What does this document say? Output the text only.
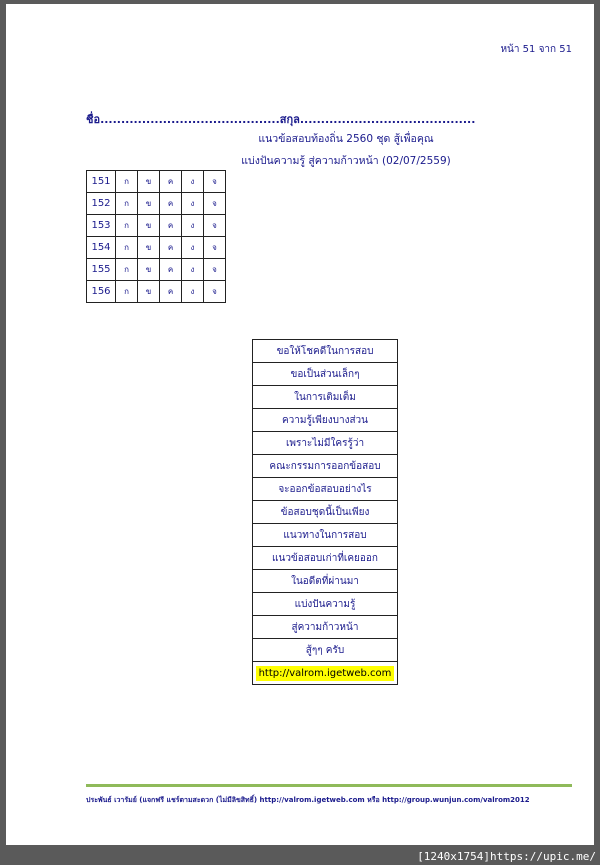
หน้า 51 จาก 51
ชื่อ...........................................สกุล..........................................
แนวข้อสอบท้องถิ่น 2560 ชุด สู้เพื่อคุณ
แบ่งปันความรู้ สู่ความก้าวหน้า (02/07/2559)
151	ก	ข	ค	ง	จ
152	ก	ข	ค	ง	จ
153	ก	ข	ค	ง	จ
154	ก	ข	ค	ง	จ
155	ก	ข	ค	ง	จ
156	ก	ข	ค	ง	จ
ขอให้โชคดีในการสอบ
ขอเป็นส่วนเล็กๆ
ในการเติมเต็ม
ความรู้เพียงบางส่วน
เพราะไม่มีใครรู้ว่า
คณะกรรมการออกข้อสอบ
จะออกข้อสอบอย่างไร
ข้อสอบชุดนี้เป็นเพียง
แนวทางในการสอบ
แนวข้อสอบเก่าที่เคยออก
ในอดีตที่ผ่านมา
แบ่งปันความรู้
สู่ความก้าวหน้า
สู้ๆๆ ครับ
http://valrom.igetweb.com
ประพันธ์ เวารัมย์ (แจกฟรี แชร์ตามสะดวก (ไม่มีลิขสิทธิ์) http://valrom.igetweb.com หรือ http://group.wunjun.com/valrom2012
[1240x1754]https://upic.me/
